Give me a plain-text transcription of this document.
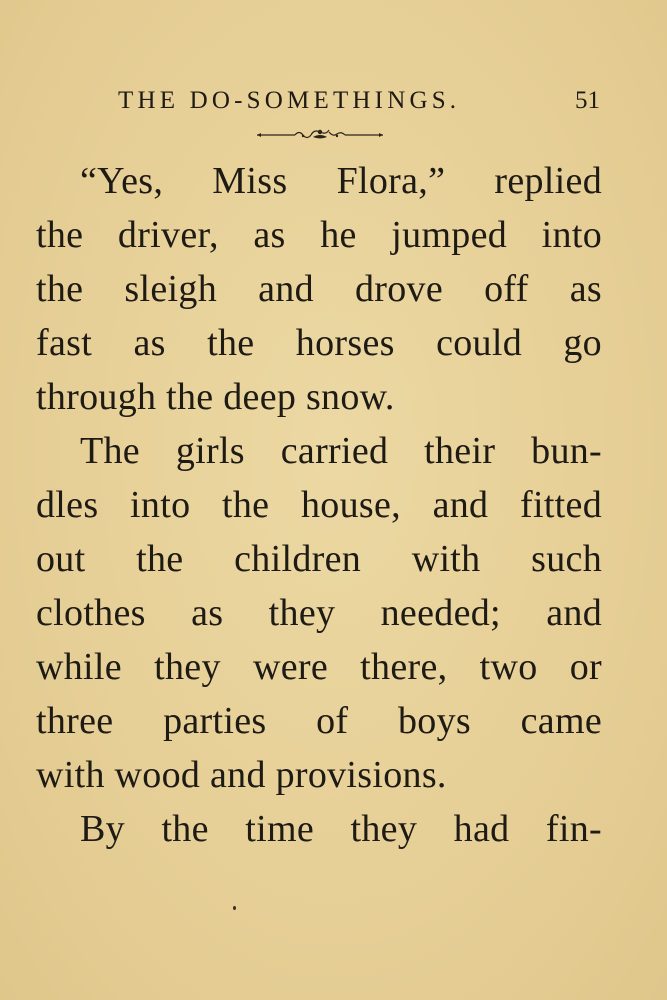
THE DO-SOMETHINGS.	51
“Yes, Miss Flora,” replied
the driver, as he jumped into
the sleigh and drove off as
fast as the horses could go
through the deep snow.
The girls carried their bun-
dles into the house, and fitted
out the children with such
clothes as they needed; and
while they were there, two or
three parties of boys came
with wood and provisions.
By the time they had fin-
